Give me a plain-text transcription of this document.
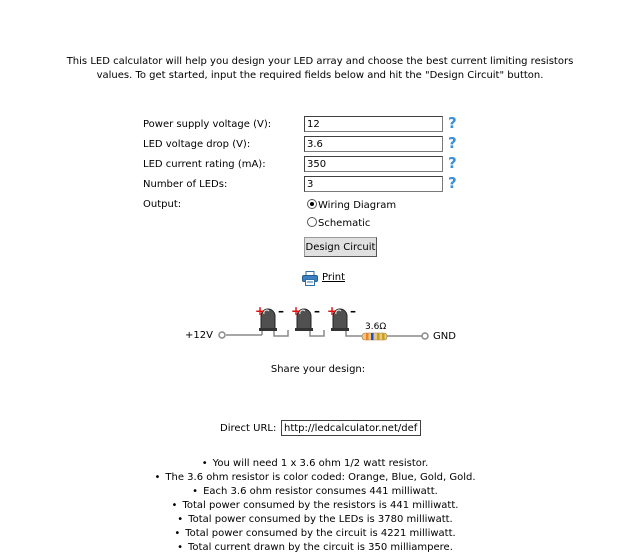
This LED calculator will help you design your LED array and choose the best current limiting resistors values. To get started, input the required fields below and hit the "Design Circuit" button.

Power supply voltage (V):
12	?
LED voltage drop (V):
3.6	?
LED current rating (mA):
350	?
Number of LEDs:
3	?
Output:	Wiring Diagram
Schematic
Design Circuit
Print
+ – + – + –
+12V	GND
3.6Ω
Share your design:
Direct URL:
http://ledcalculator.net/default
• You will need 1 x 3.6 ohm 1/2 watt resistor.
• The 3.6 ohm resistor is color coded: Orange, Blue, Gold, Gold.
• Each 3.6 ohm resistor consumes 441 milliwatt.
• Total power consumed by the resistors is 441 milliwatt.
• Total power consumed by the LEDs is 3780 milliwatt.
• Total power consumed by the circuit is 4221 milliwatt.
• Total current drawn by the circuit is 350 milliampere.
